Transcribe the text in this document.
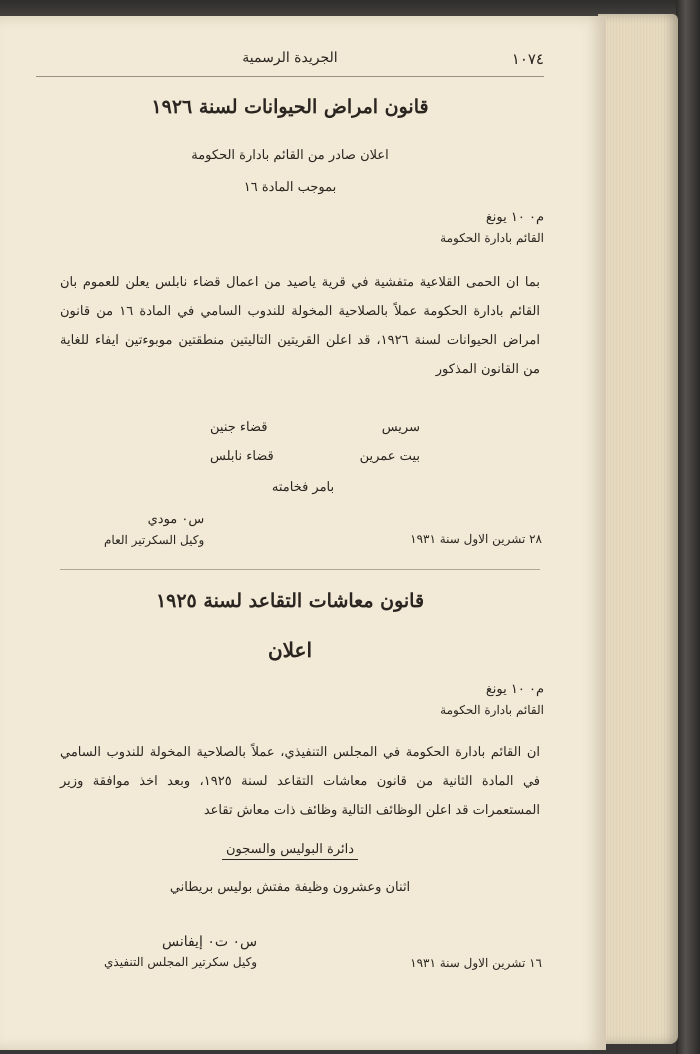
١٠٧٤
الجريدة الرسمية
قانون امراض الحيوانات لسنة ١٩٢٦
اعلان صادر من القائم بادارة الحكومة
بموجب المادة ١٦
م٠ ١٠ يونغ
القائم بادارة الحكومة
بما ان الحمى القلاعية متفشية في قرية ياصيد من اعمال قضاء نابلس يعلن للعموم بان القائم بادارة الحكومة عملاً بالصلاحية المخولة للندوب السامي في المادة ١٦ من قانون امراض الحيوانات لسنة ١٩٢٦، قد اعلن القريتين التاليتين منطقتين موبوءتين ايفاء للغاية من القانون المذكور
سريس
قضاء جنين
بيت عمرين
قضاء نابلس
بامر فخامته
س٠ مودي
وكيل السكرتير العام	٢٨ تشرين الاول سنة ١٩٣١
قانون معاشات التقاعد لسنة ١٩٢٥
اعلان
م٠ ١٠ يونغ
القائم بادارة الحكومة
ان القائم بادارة الحكومة في المجلس التنفيذي، عملاً بالصلاحية المخولة للندوب السامي في المادة الثانية من قانون معاشات التقاعد لسنة ١٩٢٥، وبعد اخذ موافقة وزير المستعمرات قد اعلن الوظائف التالية وظائف ذات معاش تقاعد
دائرة البوليس والسجون
اثنان وعشرون وظيفة مفتش بوليس بريطاني
س٠ ت٠ إيفانس
وكيل سكرتير المجلس التنفيذي	١٦ تشرين الاول سنة ١٩٣١
